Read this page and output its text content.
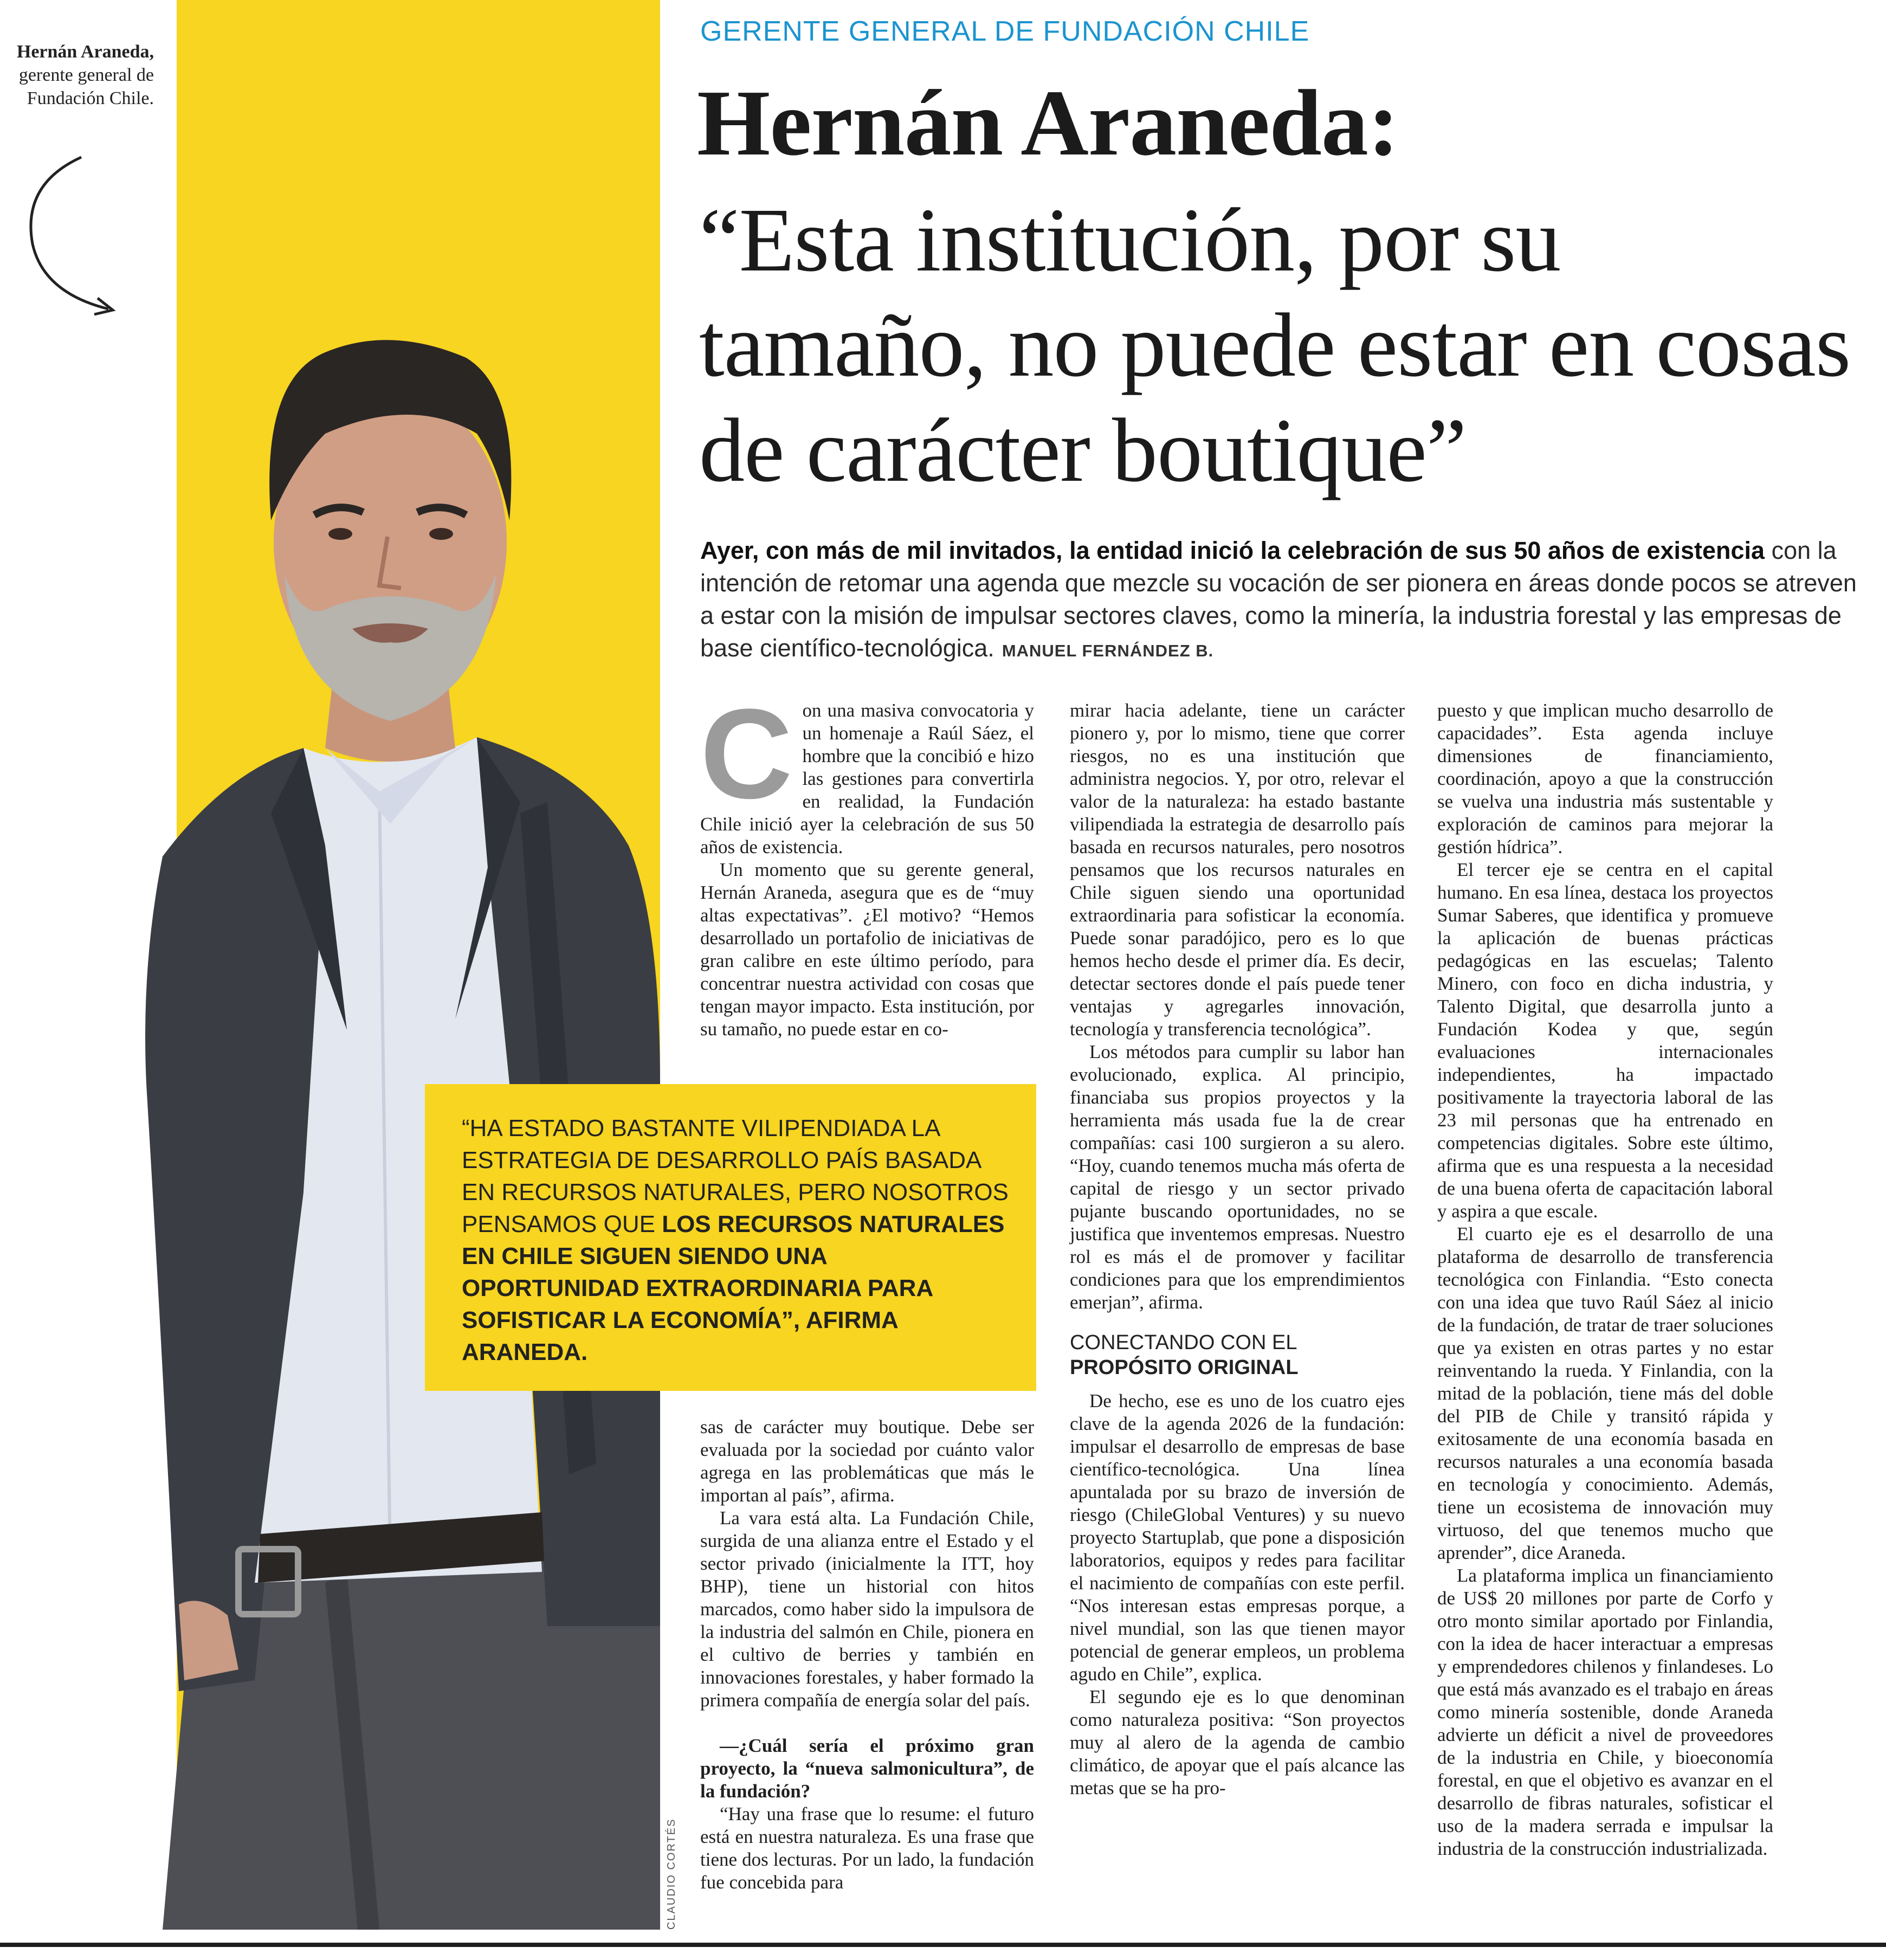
CLAUDIO CORTÉS
Hernán Araneda,
gerente general de Fundación Chile.
GERENTE GENERAL DE FUNDACIÓN CHILE
Hernán Araneda:
“Esta institución, por su tamaño, no puede estar en cosas de carácter boutique”
Ayer, con más de mil invitados, la entidad inició la celebración de sus 50 años de existencia con la intención de retomar una agenda que mezcle su vocación de ser pionera en áreas donde pocos se atreven a estar con la misión de impulsar sectores claves, como la minería, la industria forestal y las empresas de base científico-tecnológica. MANUEL FERNÁNDEZ B.
C on una masiva convocatoria y un homenaje a Raúl Sáez, el hombre que la concibió e hizo las gestiones para convertirla en realidad, la Fundación Chile inició ayer la celebración de sus 50 años de existencia.

Un momento que su gerente general, Hernán Araneda, asegura que es de “muy altas expectativas”. ¿El motivo? “Hemos desarrollado un portafolio de iniciativas de gran calibre en este último período, para concentrar nuestra actividad con cosas que tengan mayor impacto. Esta institución, por su tamaño, no puede estar en co-

sas de carácter muy boutique. Debe ser evaluada por la sociedad por cuánto valor agrega en las problemáticas que más le importan al país”, afirma.

La vara está alta. La Fundación Chile, surgida de una alianza entre el Estado y el sector privado (inicialmente la ITT, hoy BHP), tiene un historial con hitos marcados, como haber sido la impulsora de la industria del salmón en Chile, pionera en el cultivo de berries y también en innovaciones forestales, y haber formado la primera compañía de energía solar del país.

—¿Cuál sería el próximo gran proyecto, la “nueva salmonicultura”, de la fundación?

“Hay una frase que lo resume: el futuro está en nuestra naturaleza. Es una frase que tiene dos lecturas. Por un lado, la fundación fue concebida para

mirar hacia adelante, tiene un carácter pionero y, por lo mismo, tiene que correr riesgos, no es una institución que administra negocios. Y, por otro, relevar el valor de la naturaleza: ha estado bastante vilipendiada la estrategia de desarrollo país basada en recursos naturales, pero nosotros pensamos que los recursos naturales en Chile siguen siendo una oportunidad extraordinaria para sofisticar la economía. Puede sonar paradójico, pero es lo que hemos hecho desde el primer día. Es decir, detectar sectores donde el país puede tener ventajas y agregarles innovación, tecnología y transferencia tecnológica”.

Los métodos para cumplir su labor han evolucionado, explica. Al principio, financiaba sus propios proyectos y la herramienta más usada fue la de crear compañías: casi 100 surgieron a su alero. “Hoy, cuando tenemos mucha más oferta de capital de riesgo y un sector privado pujante buscando oportunidades, no se justifica que inventemos empresas. Nuestro rol es más el de promover y facilitar condiciones para que los emprendimientos emerjan”, afirma.

CONECTANDO CON EL
PROPÓSITO ORIGINAL

De hecho, ese es uno de los cuatro ejes clave de la agenda 2026 de la fundación: impulsar el desarrollo de empresas de base científico-tecnológica. Una línea apuntalada por su brazo de inversión de riesgo (ChileGlobal Ventures) y su nuevo proyecto Startuplab, que pone a disposición laboratorios, equipos y redes para facilitar el nacimiento de compañías con este perfil. “Nos interesan estas empresas porque, a nivel mundial, son las que tienen mayor potencial de generar empleos, un problema agudo en Chile”, explica.

El segundo eje es lo que denominan como naturaleza positiva: “Son proyectos muy al alero de la agenda de cambio climático, de apoyar que el país alcance las metas que se ha pro-

puesto y que implican mucho desarrollo de capacidades”. Esta agenda incluye dimensiones de financiamiento, coordinación, apoyo a que la construcción se vuelva una industria más sustentable y exploración de caminos para mejorar la gestión hídrica”.

El tercer eje se centra en el capital humano. En esa línea, destaca los proyectos Sumar Saberes, que identifica y promueve la aplicación de buenas prácticas pedagógicas en las escuelas; Talento Minero, con foco en dicha industria, y Talento Digital, que desarrolla junto a Fundación Kodea y que, según evaluaciones internacionales independientes, ha impactado positivamente la trayectoria laboral de las 23 mil personas que ha entrenado en competencias digitales. Sobre este último, afirma que es una respuesta a la necesidad de una buena oferta de capacitación laboral y aspira a que escale.

El cuarto eje es el desarrollo de una plataforma de desarrollo de transferencia tecnológica con Finlandia. “Esto conecta con una idea que tuvo Raúl Sáez al inicio de la fundación, de tratar de traer soluciones que ya existen en otras partes y no estar reinventando la rueda. Y Finlandia, con la mitad de la población, tiene más del doble del PIB de Chile y transitó rápida y exitosamente de una economía basada en recursos naturales a una economía basada en tecnología y conocimiento. Además, tiene un ecosistema de innovación muy virtuoso, del que tenemos mucho que aprender”, dice Araneda.

La plataforma implica un financiamiento de US$ 20 millones por parte de Corfo y otro monto similar aportado por Finlandia, con la idea de hacer interactuar a empresas y emprendedores chilenos y finlandeses. Lo que está más avanzado es el trabajo en áreas como minería sostenible, donde Araneda advierte un déficit a nivel de proveedores de la industria en Chile, y bioeconomía forestal, en que el objetivo es avanzar en el desarrollo de fibras naturales, sofisticar el uso de la madera serrada e impulsar la industria de la construcción industrializada.

“HA ESTADO BASTANTE VILIPENDIADA LA ESTRATEGIA DE DESARROLLO PAÍS BASADA EN RECURSOS NATURALES, PERO NOSOTROS PENSAMOS QUE LOS RECURSOS NATURALES EN CHILE SIGUEN SIENDO UNA OPORTUNIDAD EXTRAORDINARIA PARA SOFISTICAR LA ECONOMÍA”, AFIRMA ARANEDA.
